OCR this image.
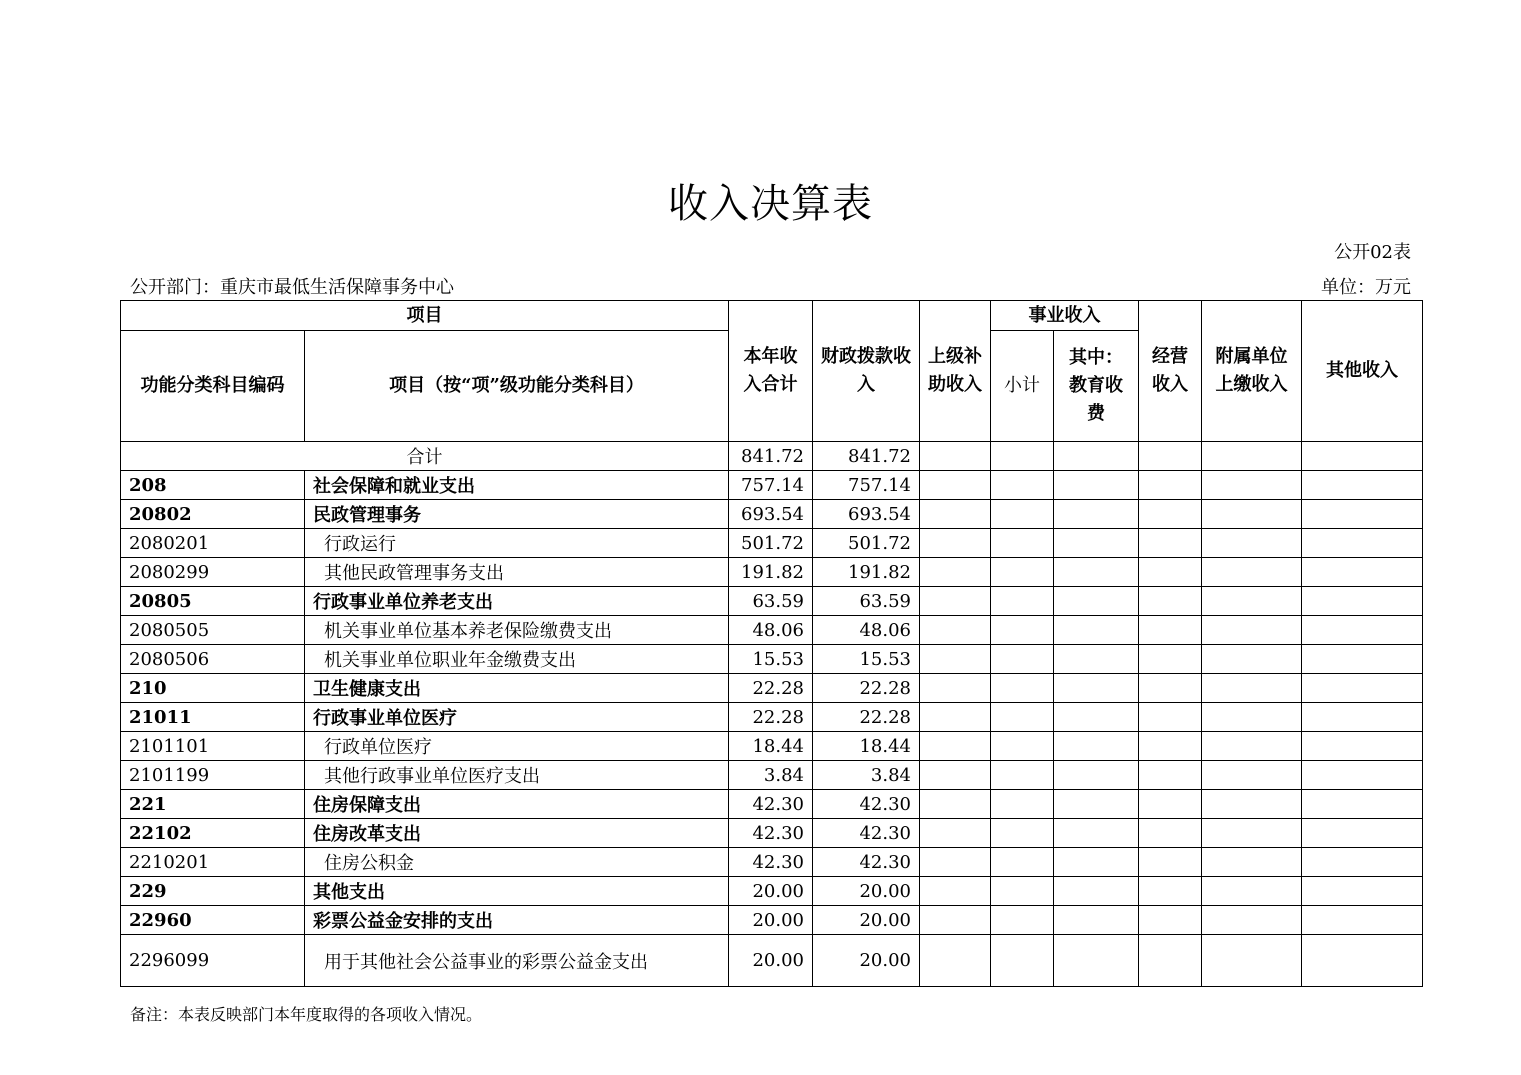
收入决算表
公开02表
公开部门：重庆市最低生活保障事务中心	单位：万元
项目		本年收入合计	财政拨款收入	上级补助收入	事业收入		经营收入	附属单位上缴收入	其他收入
功能分类科目编码	项目（按“项”级功能分类科目）				小计	其中：教育收费			
合计		841.72	841.72						
208	社会保障和就业支出	757.14	757.14						
20802	民政管理事务	693.54	693.54						
2080201	行政运行	501.72	501.72						
2080299	其他民政管理事务支出	191.82	191.82						
20805	行政事业单位养老支出	63.59	63.59						
2080505	机关事业单位基本养老保险缴费支出	48.06	48.06						
2080506	机关事业单位职业年金缴费支出	15.53	15.53						
210	卫生健康支出	22.28	22.28						
21011	行政事业单位医疗	22.28	22.28						
2101101	行政单位医疗	18.44	18.44						
2101199	其他行政事业单位医疗支出	3.84	3.84						
221	住房保障支出	42.30	42.30						
22102	住房改革支出	42.30	42.30						
2210201	住房公积金	42.30	42.30						
229	其他支出	20.00	20.00						
22960	彩票公益金安排的支出	20.00	20.00						
2296099	用于其他社会公益事业的彩票公益金支出	20.00	20.00						
备注：本表反映部门本年度取得的各项收入情况。
